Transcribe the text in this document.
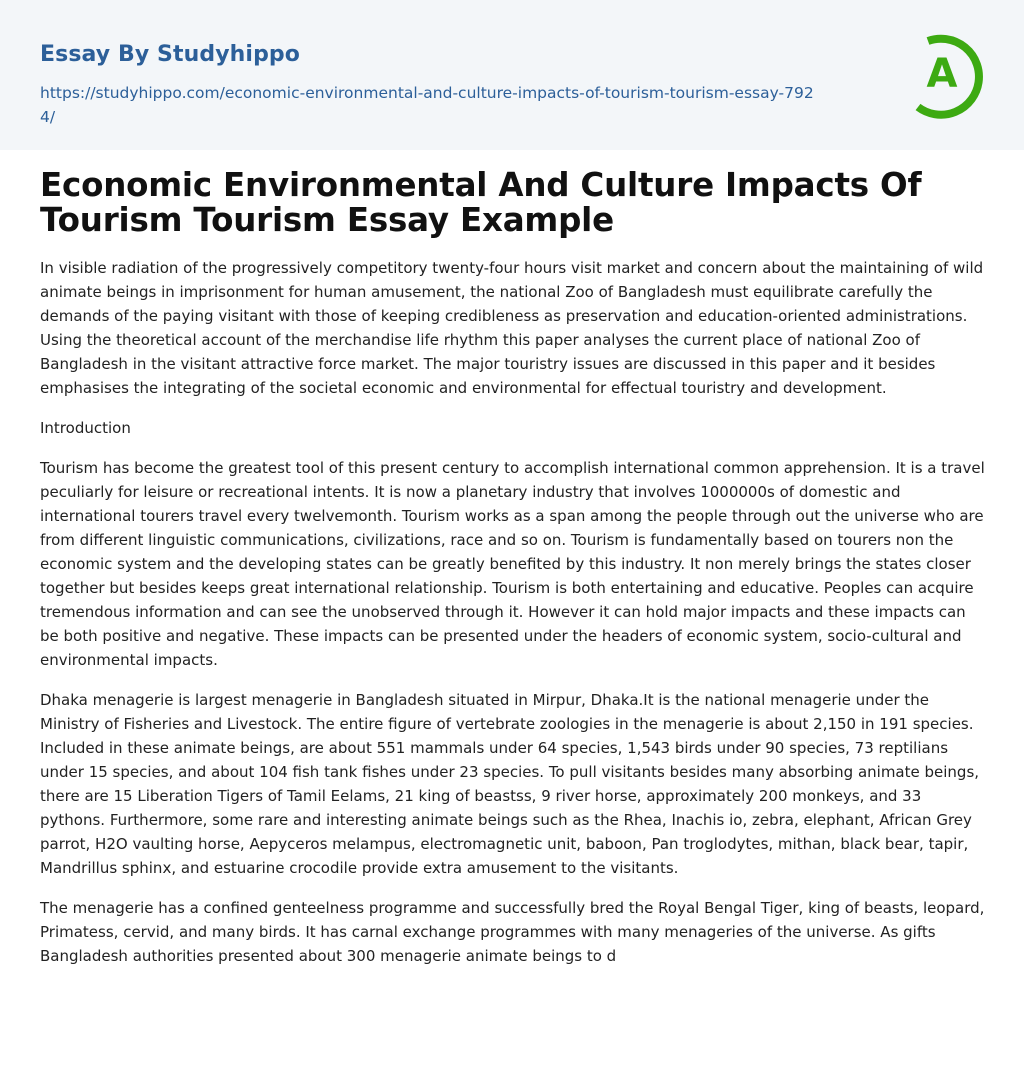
Essay By Studyhippo
https://studyhippo.com/economic-environmental-and-culture-impacts-of-tourism-tourism-essay-7924/
A
Economic Environmental And Culture Impacts Of Tourism Tourism Essay Example

In visible radiation of the progressively competitory twenty-four hours visit market and concern about the maintaining of wild animate beings in imprisonment for human amusement, the national Zoo of Bangladesh must equilibrate carefully the demands of the paying visitant with those of keeping credibleness as preservation and education-oriented administrations. Using the theoretical account of the merchandise life rhythm this paper analyses the current place of national Zoo of Bangladesh in the visitant attractive force market. The major touristry issues are discussed in this paper and it besides emphasises the integrating of the societal economic and environmental for effectual touristry and development.

Introduction

Tourism has become the greatest tool of this present century to accomplish international common apprehension. It is a travel peculiarly for leisure or recreational intents. It is now a planetary industry that involves 1000000s of domestic and international tourers travel every twelvemonth. Tourism works as a span among the people through out the universe who are from different linguistic communications, civilizations, race and so on. Tourism is fundamentally based on tourers non the economic system and the developing states can be greatly benefited by this industry. It non merely brings the states closer together but besides keeps great international relationship. Tourism is both entertaining and educative. Peoples can acquire tremendous information and can see the unobserved through it. However it can hold major impacts and these impacts can be both positive and negative. These impacts can be presented under the headers of economic system, socio-cultural and environmental impacts.

Dhaka menagerie is largest menagerie in Bangladesh situated in Mirpur, Dhaka.It is the national menagerie under the Ministry of Fisheries and Livestock. The entire figure of vertebrate zoologies in the menagerie is about 2,150 in 191 species. Included in these animate beings, are about 551 mammals under 64 species, 1,543 birds under 90 species, 73 reptilians under 15 species, and about 104 fish tank fishes under 23 species. To pull visitants besides many absorbing animate beings, there are 15 Liberation Tigers of Tamil Eelams, 21 king of beastss, 9 river horse, approximately 200 monkeys, and 33 pythons. Furthermore, some rare and interesting animate beings such as the Rhea, Inachis io, zebra, elephant, African Grey parrot, H2O vaulting horse, Aepyceros melampus, electromagnetic unit, baboon, Pan troglodytes, mithan, black bear, tapir, Mandrillus sphinx, and estuarine crocodile provide extra amusement to the visitants.

The menagerie has a confined genteelness programme and successfully bred the Royal Bengal Tiger, king of beasts, leopard, Primatess, cervid, and many birds. It has carnal exchange programmes with many menageries of the universe. As gifts Bangladesh authorities presented about 300 menagerie animate beings to d
